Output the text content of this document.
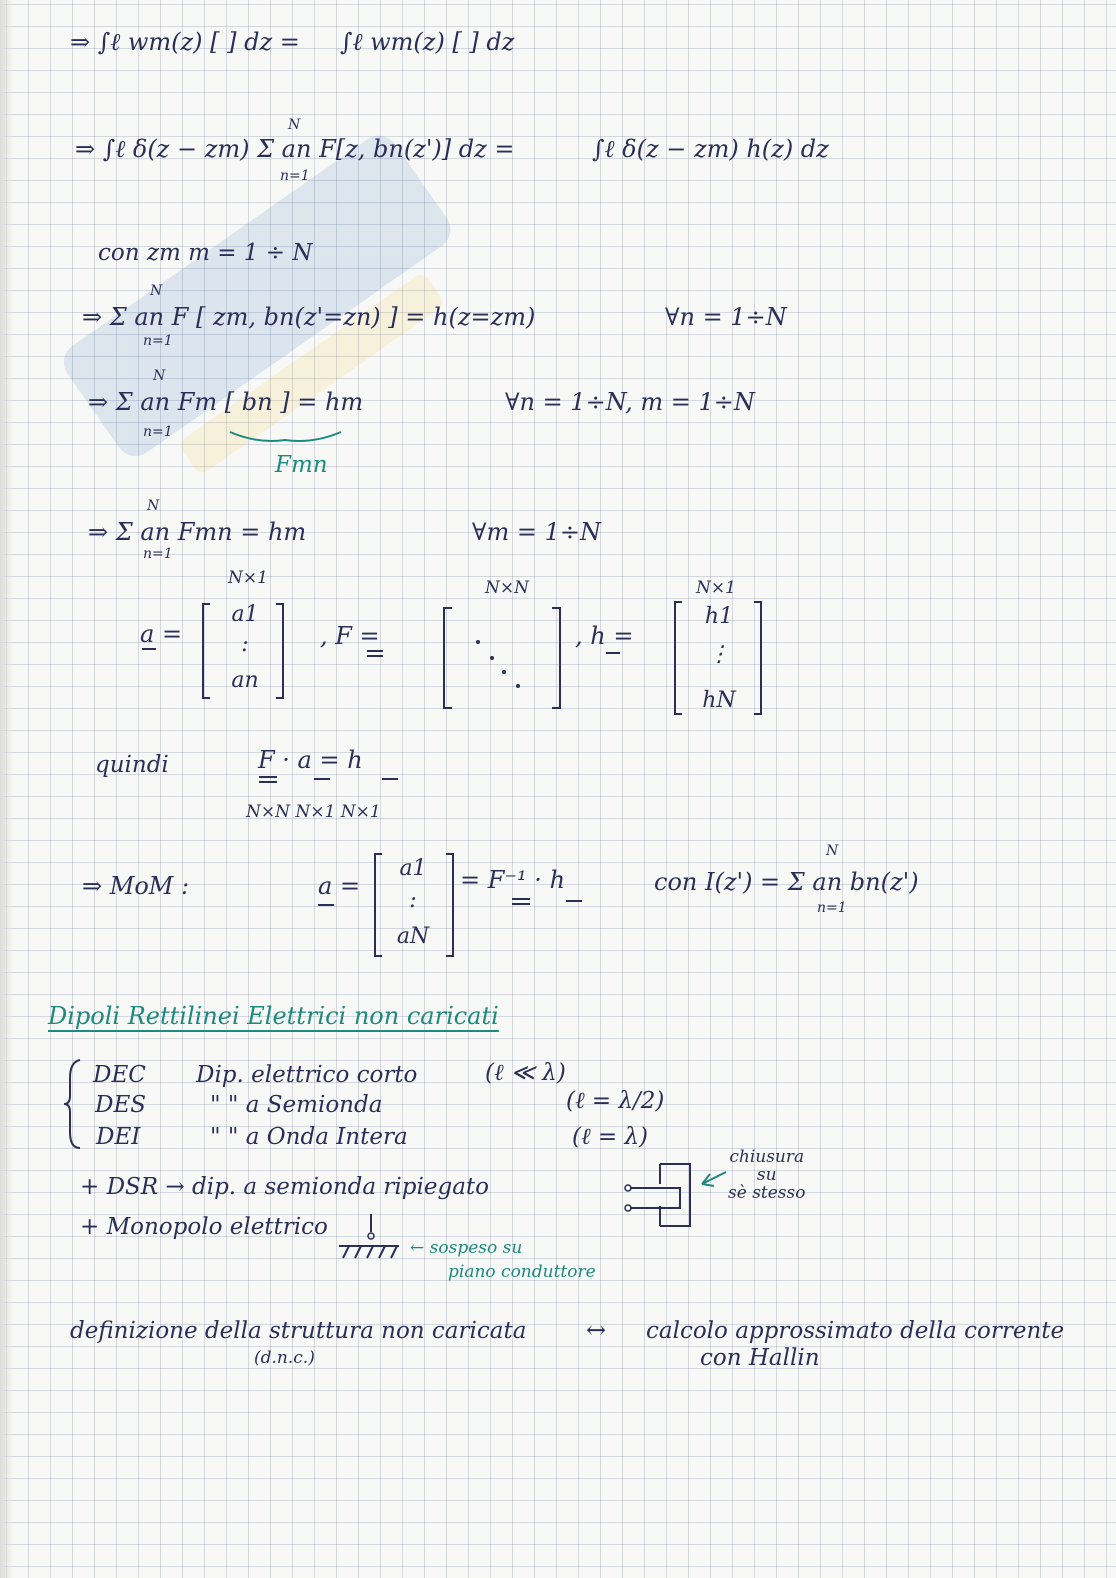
⇒ ∫ℓ wm(z) [ ] dz = ∫ℓ wm(z) [ ] dz
⇒ ∫ℓ δ(z − zm) Σ an F[z, bn(z')] dz =
N
n=1
∫ℓ δ(z − zm) h(z) dz
con zm m = 1 ÷ N
N
⇒ Σ an F [ zm, bn(z'=zn) ] = h(z=zm)
n=1
∀n = 1÷N
N
⇒ Σ an Fm [ bn ] = hm
n=1
∀n = 1÷N, m = 1÷N
Fmn
N
⇒ Σ an Fmn = hm
n=1
∀m = 1÷N
N×1
a =
a1
:
an
N×N
, F =
N×1
, h =
h1
⋮
hN
quindi	F · a = h
N×N N×1 N×1
⇒ MoM :	a =
a1
:
aN
= F⁻¹ · h
N
con I(z') = Σ an bn(z')
n=1
Dipoli Rettilinei Elettrici non caricati
DEC Dip. elettrico corto	(ℓ ≪ λ)
DES	" " a Semionda	(ℓ = λ/2)
DEI	" " a Onda Intera	(ℓ = λ)
+ DSR → dip. a semionda ripiegato
+ Monopolo elettrico
chiusura
su
sè stesso
← sospeso su
piano conduttore
definizione della struttura non caricata
(d.n.c.)
↔ calcolo approssimato della corrente
con Hallin
